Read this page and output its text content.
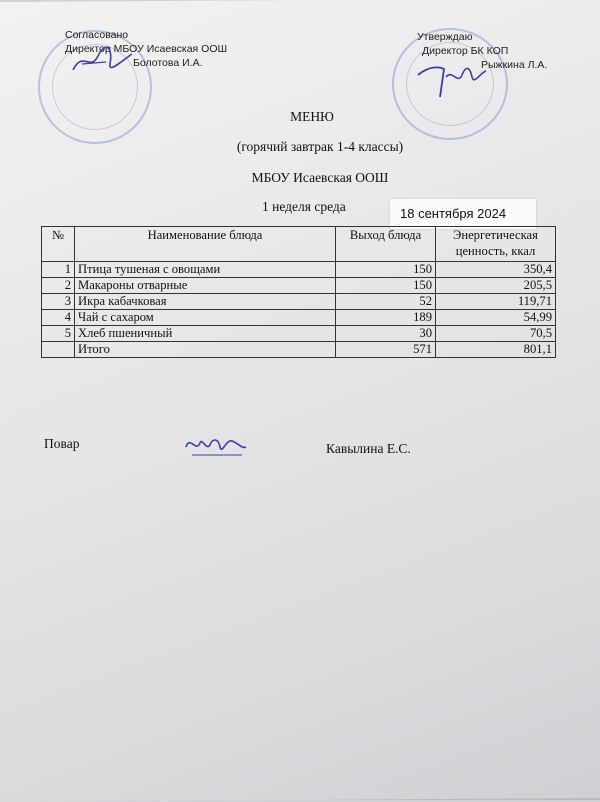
Согласовано
Директор МБОУ Исаевская ООШ
Болотова И.А.
Утверждаю
Директор БК КОП
Рыжкина Л.А.
МЕНЮ
(горячий завтрак 1-4 классы)
МБОУ Исаевская ООШ
1 неделя среда	18 сентября 2024
№	Наименование блюда	Выход блюда	Энергетическая
ценность, ккал
1	Птица тушеная с овощами	150	350,4
2	Макароны отварные	150	205,5
3	Икра кабачковая	52	119,71
4	Чай с сахаром	189	54,99
5	Хлеб пшеничный	30	70,5
	Итого	571	801,1
Повар	Кавылина Е.С.
